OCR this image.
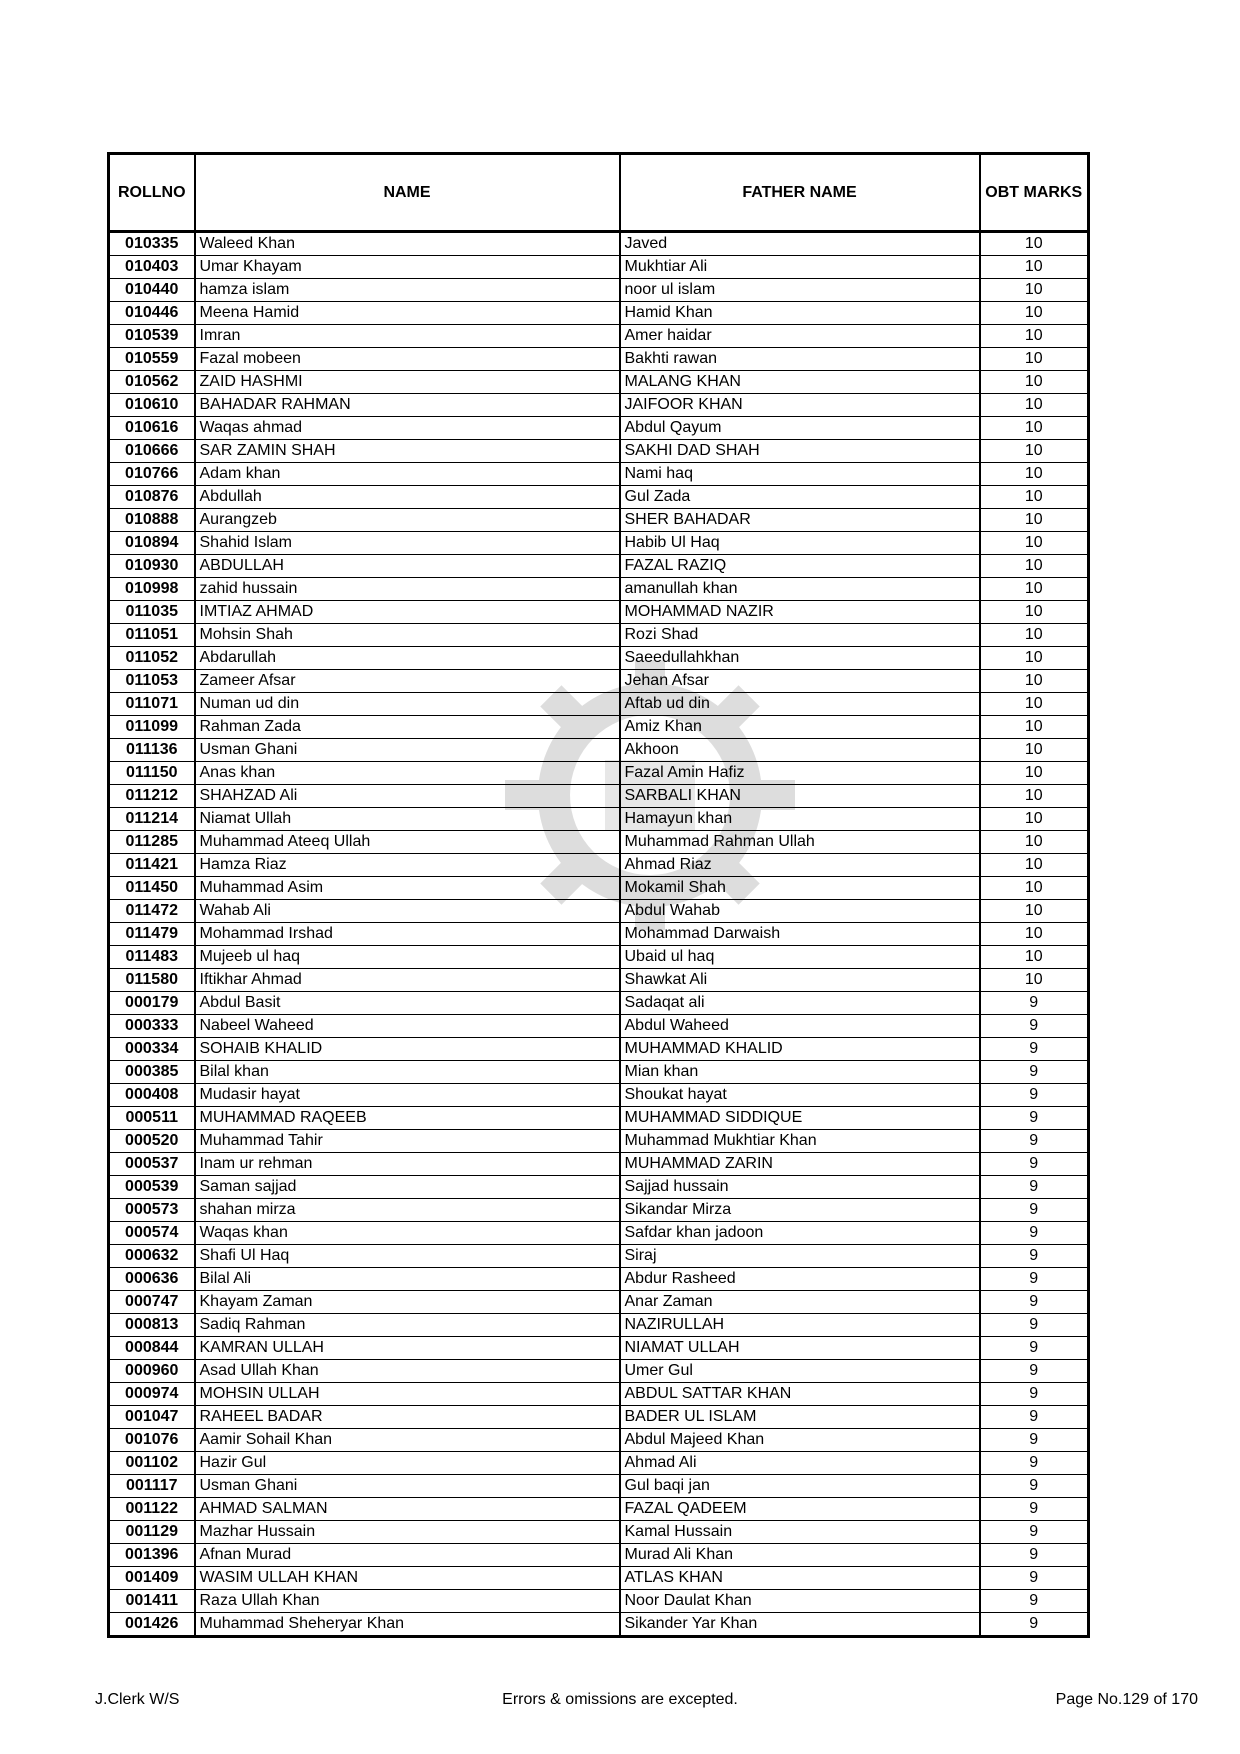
ROLLNO	NAME	FATHER NAME	OBT MARKS
010335	Waleed Khan	Javed	10
010403	Umar Khayam	Mukhtiar Ali	10
010440	hamza islam	noor ul islam	10
010446	Meena Hamid	Hamid Khan	10
010539	Imran	Amer haidar	10
010559	Fazal mobeen	Bakhti rawan	10
010562	ZAID HASHMI	MALANG KHAN	10
010610	BAHADAR RAHMAN	JAIFOOR KHAN	10
010616	Waqas ahmad	Abdul Qayum	10
010666	SAR ZAMIN SHAH	SAKHI DAD SHAH	10
010766	Adam khan	Nami haq	10
010876	Abdullah	Gul Zada	10
010888	Aurangzeb	SHER BAHADAR	10
010894	Shahid Islam	Habib Ul Haq	10
010930	ABDULLAH	FAZAL RAZIQ	10
010998	zahid hussain	amanullah khan	10
011035	IMTIAZ AHMAD	MOHAMMAD NAZIR	10
011051	Mohsin Shah	Rozi Shad	10
011052	Abdarullah	Saeedullahkhan	10
011053	Zameer Afsar	Jehan Afsar	10
011071	Numan ud din	Aftab ud din	10
011099	Rahman Zada	Amiz Khan	10
011136	Usman Ghani	Akhoon	10
011150	Anas khan	Fazal Amin Hafiz	10
011212	SHAHZAD Ali	SARBALI KHAN	10
011214	Niamat Ullah	Hamayun khan	10
011285	Muhammad Ateeq Ullah	Muhammad Rahman Ullah	10
011421	Hamza Riaz	Ahmad Riaz	10
011450	Muhammad Asim	Mokamil Shah	10
011472	Wahab Ali	Abdul Wahab	10
011479	Mohammad Irshad	Mohammad Darwaish	10
011483	Mujeeb ul haq	Ubaid ul haq	10
011580	Iftikhar Ahmad	Shawkat Ali	10
000179	Abdul Basit	Sadaqat ali	9
000333	Nabeel Waheed	Abdul Waheed	9
000334	SOHAIB KHALID	MUHAMMAD KHALID	9
000385	Bilal khan	Mian khan	9
000408	Mudasir hayat	Shoukat hayat	9
000511	MUHAMMAD RAQEEB	MUHAMMAD SIDDIQUE	9
000520	Muhammad Tahir	Muhammad Mukhtiar Khan	9
000537	Inam ur rehman	MUHAMMAD ZARIN	9
000539	Saman sajjad	Sajjad hussain	9
000573	shahan mirza	Sikandar Mirza	9
000574	Waqas khan	Safdar khan jadoon	9
000632	Shafi Ul Haq	Siraj	9
000636	Bilal Ali	Abdur Rasheed	9
000747	Khayam Zaman	Anar Zaman	9
000813	Sadiq Rahman	NAZIRULLAH	9
000844	KAMRAN ULLAH	NIAMAT ULLAH	9
000960	Asad Ullah Khan	Umer Gul	9
000974	MOHSIN ULLAH	ABDUL SATTAR KHAN	9
001047	RAHEEL BADAR	BADER UL ISLAM	9
001076	Aamir Sohail Khan	Abdul Majeed Khan	9
001102	Hazir Gul	Ahmad Ali	9
001117	Usman Ghani	Gul baqi jan	9
001122	AHMAD SALMAN	FAZAL QADEEM	9
001129	Mazhar Hussain	Kamal Hussain	9
001396	Afnan Murad	Murad Ali Khan	9
001409	WASIM ULLAH KHAN	ATLAS KHAN	9
001411	Raza Ullah Khan	Noor Daulat Khan	9
001426	Muhammad Sheheryar Khan	Sikander Yar Khan	9
J.Clerk W/S	Errors & omissions are excepted.	Page No.129 of 170
